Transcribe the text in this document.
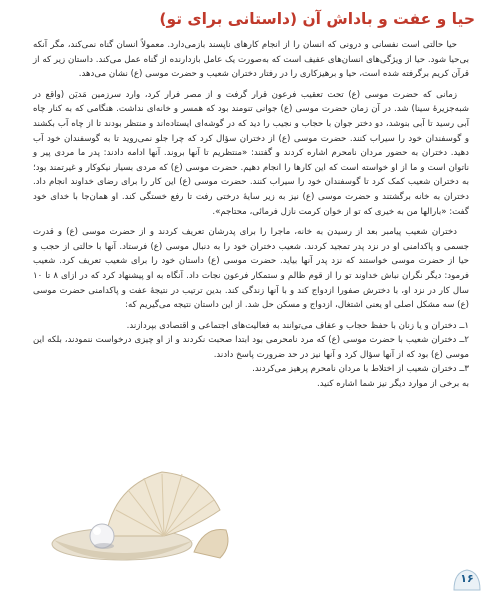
حیا و عفت و باداش آن (داستانی برای تو)

حیا حالتی است نفسانی و درونی که انسان را از انجام کارهای ناپسند بازمی‌دارد. معمولاً انسان گناه نمی‌کند، مگر آنکه بی‌حیا شود. حیا از ویژگی‌های انسان‌های عفیف است که به‌صورت یک عامل بازدارنده از گناه عمل می‌کند. داستان زیر که از قرآن کریم برگرفته شده است، حیا و برهیزکاری را در رفتار دختران شعیب و حضرت موسی (ع) نشان می‌دهد.

زمانی که حضرت موسی (ع) تحت تعقیب فرعون قرار گرفت و از مصر فرار کرد، وارد سرزمین مَدیَن (واقع در شبه‌جزیرهٔ سینا) شد. در آن زمان حضرت موسی (ع) جوانی تنومند بود که همسر و خانه‌ای نداشت. هنگامی که به کنار چاه آبی رسید تا آبی بنوشد، دو دختر جوان با حجاب و نجیب را دید که در گوشه‌ای ایستاده‌اند و منتظر بودند تا از چاه آب بکشند و گوسفندان خود را سیراب کنند. حضرت موسی (ع) از دختران سؤال کرد که چرا جلو نمی‌روید تا به گوسفندان خود آب دهید. دختران به حضور مردان نامحرم اشاره کردند و گفتند: «منتظریم تا آنها بروند. آنها ادامه دادند: پدر ما مردی پیر و ناتوان است و ما از او خواسته است که این کارها را انجام دهیم. حضرت موسی (ع) که مردی بسیار نیکوکار و غیرتمند بود؛ به دختران شعیب کمک کرد تا گوسفندان خود را سیراب کنند. حضرت موسی (ع) این کار را برای رضای خداوند انجام داد. دختران به خانه برگشتند و حضرت موسی (ع) نیز به زیر سایهٔ درختی رفت تا رفع خستگی کند. او همان‌جا با خدای خود گفت: «بارالها من به خیری که تو از خوان کرمت نازل فرمائی، محتاجم».

دختران شعیب پیامبر بعد از رسیدن به خانه، ماجرا را برای پدرشان تعریف کردند و از حضرت موسی (ع) و قدرت جسمی و پاکدامنی او در نزد پدر تمجید کردند. شعیب دختران خود را به دنبال موسی (ع) فرستاد. آنها با حالتی از حجب و حیا از حضرت موسی خواستند که نزد پدر آنها بیاید. حضرت موسی (ع) داستان خود را برای شعیب تعریف کرد. شعیب فرمود: دیگر نگران نباش خداوند تو را از قوم ظالم و ستمکار فرعون نجات داد. آنگاه به او پیشنهاد کرد که در ازای ۸ تا ۱۰ سال کار در نزد او، با دخترش صفورا ازدواج کند و با آنها زندگی کند. بدین ترتیب در نتیجهٔ عفت و پاکدامنی حضرت موسی (ع) سه مشکل اصلی او یعنی اشتغال، ازدواج و مسکن حل شد. از این داستان نتیجه می‌گیریم که:

۱ــ دختران و یا زنان با حفظ حجاب و عفاف می‌توانند به فعالیت‌های اجتماعی و اقتصادی بپردازند.

۲ــ دختران شعیب با حضرت موسی (ع) که مرد نامحرمی بود ابتدا صحبت نکردند و از او چیزی درخواست ننمودند، بلکه این موسی (ع) بود که از آنها سؤال کرد و آنها نیز در حد ضرورت پاسخ دادند.

۳ــ دختران شعیب از اختلاط با مردان نامحرم پرهیز می‌کردند.

به برخی از موارد دیگر نیز شما اشاره کنید.

۱۶
